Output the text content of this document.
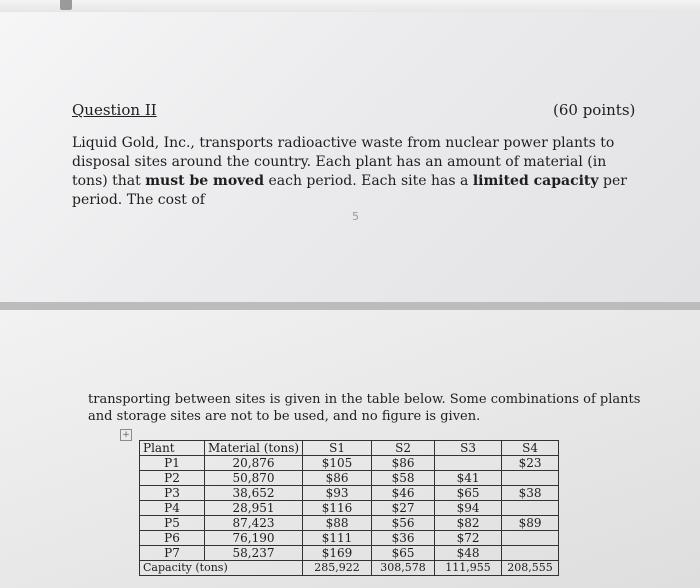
Question II	(60 points)
Liquid Gold, Inc., transports radioactive waste from nuclear power plants to disposal sites around the country. Each plant has an amount of material (in tons) that must be moved each period. Each site has a limited capacity per period. The cost of
5
transporting between sites is given in the table below. Some combinations of plants and storage sites are not to be used, and no figure is given.
+
Plant	Material (tons)	S1	S2	S3	S4
P1	20,876	$105	$86		$23
P2	50,870	$86	$58	$41	
P3	38,652	$93	$46	$65	$38
P4	28,951	$116	$27	$94	
P5	87,423	$88	$56	$82	$89
P6	76,190	$111	$36	$72	
P7	58,237	$169	$65	$48	
Capacity (tons)		285,922	308,578	111,955	208,555
